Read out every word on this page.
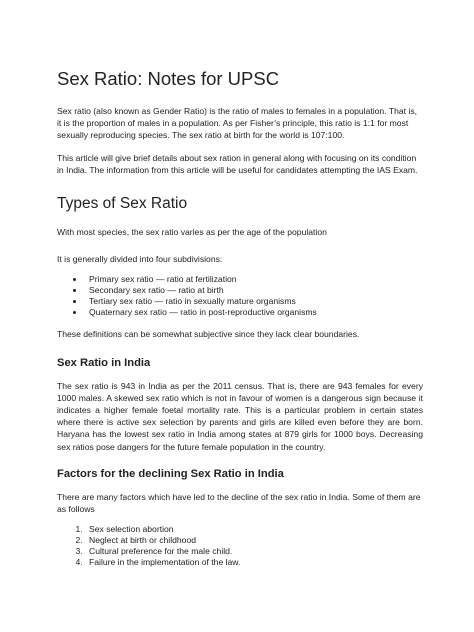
Sex Ratio: Notes for UPSC

Sex ratio (also known as Gender Ratio) is the ratio of males to females in a population. That is, it is the proportion of males in a population. As per Fisher’s principle, this ratio is 1:1 for most sexually reproducing species. The sex ratio at birth for the world is 107:100.

This article will give brief details about sex ration in general along with focusing on its condition in India. The information from this article will be useful for candidates attempting the IAS Exam.

Types of Sex Ratio

With most species, the sex ratio varies as per the age of the population

It is generally divided into four subdivisions:

• Primary sex ratio — ratio at fertilization
• Secondary sex ratio — ratio at birth
• Tertiary sex ratio — ratio in sexually mature organisms
• Quaternary sex ratio — ratio in post-reproductive organisms

These definitions can be somewhat subjective since they lack clear boundaries.

Sex Ratio in India

The sex ratio is 943 in India as per the 2011 census. That is, there are 943 females for every 1000 males. A skewed sex ratio which is not in favour of women is a dangerous sign because it indicates a higher female foetal mortality rate. This is a particular problem in certain states where there is active sex selection by parents and girls are killed even before they are born. Haryana has the lowest sex ratio in India among states at 879 girls for 1000 boys. Decreasing sex ratios pose dangers for the future female population in the country.

Factors for the declining Sex Ratio in India

There are many factors which have led to the decline of the sex ratio in India. Some of them are as follows

1. Sex selection abortion
2. Neglect at birth or childhood
3. Cultural preference for the male child.
4. Failure in the implementation of the law.
